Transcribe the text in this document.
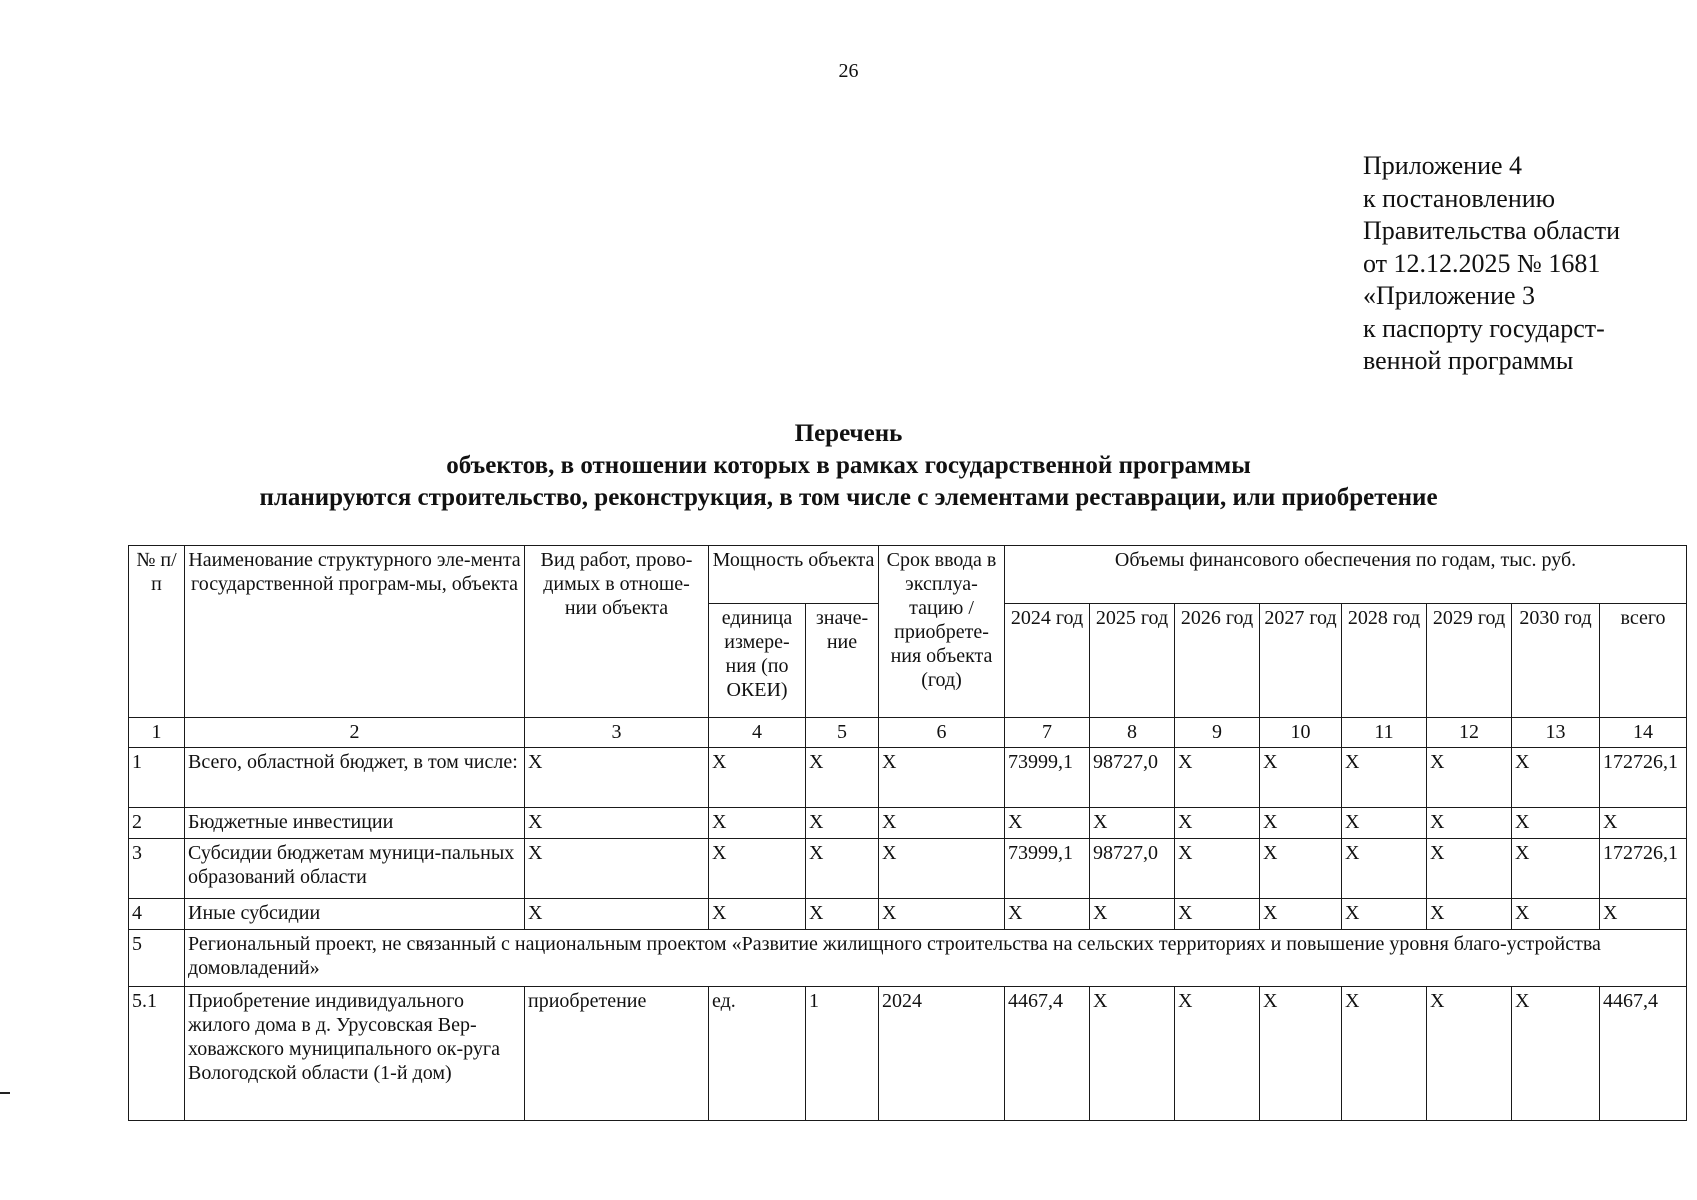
26
Приложение 4
к постановлению
Правительства области
от 12.12.2025 № 1681
«Приложение 3
к паспорту государст-
венной программы
Перечень
объектов, в отношении которых в рамках государственной программы
планируются строительство, реконструкция, в том числе с элементами реставрации, или приобретение
№ п/п	Наименование структурного эле-мента государственной програм-мы, объекта	Вид работ, прово-димых в отноше-нии объекта	Мощность объекта		Срок ввода в эксплуа-тацию / приобрете-ния объекта (год)	Объемы финансового обеспечения по годам, тыс. руб.							
			единица измере-ния (по ОКЕИ)	значе-ние		2024 год	2025 год	2026 год	2027 год	2028 год	2029 год	2030 год	всего
1	2	3	4	5	6	7	8	9	10	11	12	13	14
1	Всего, областной бюджет, в том числе:	X	X	X	X	73999,1	98727,0	X	X	X	X	X	172726,1
2	Бюджетные инвестиции	X	X	X	X	X	X	X	X	X	X	X	X
3	Субсидии бюджетам муници-пальных образований области	X	X	X	X	73999,1	98727,0	X	X	X	X	X	172726,1
4	Иные субсидии	X	X	X	X	X	X	X	X	X	X	X	X
5	Региональный проект, не связанный с национальным проектом «Развитие жилищного строительства на сельских территориях и повышение уровня благо-устройства домовладений»												
5.1	Приобретение индивидуального жилого дома в д. Урусовская Вер-ховажского муниципального ок-руга Вологодской области (1-й дом)	приобретение	ед.	1	2024	4467,4	X	X	X	X	X	X	4467,4
